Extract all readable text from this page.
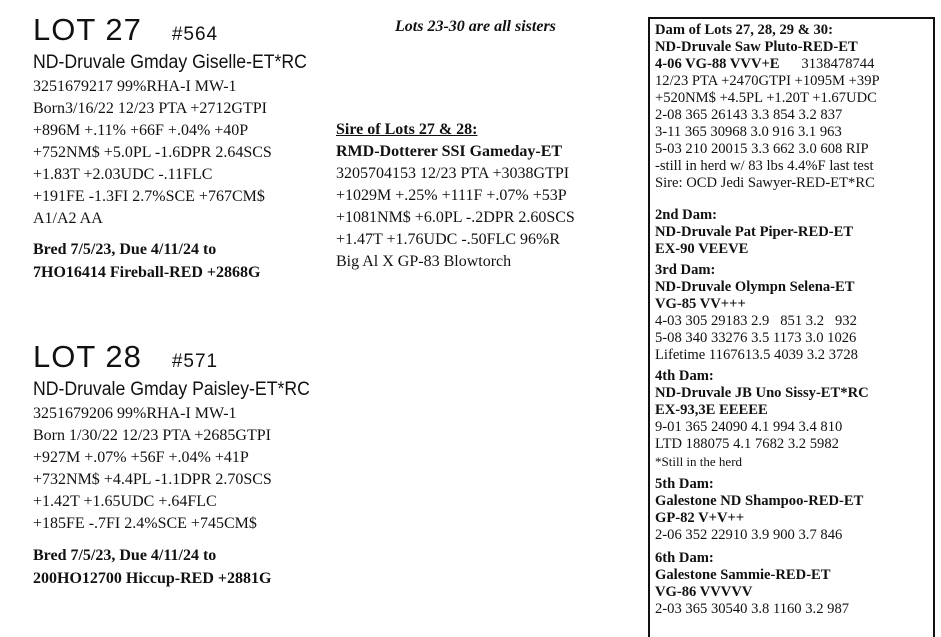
Lots 23-30 are all sisters
LOT 27 #564
ND-Druvale Gmday Giselle-ET*RC
3251679217 99%RHA-I MW-1
Born3/16/22 12/23 PTA +2712GTPI
+896M +.11% +66F +.04% +40P
+752NM$ +5.0PL -1.6DPR 2.64SCS
+1.83T +2.03UDC -.11FLC
+191FE -1.3FI 2.7%SCE +767CM$
A1/A2 AA
Bred 7/5/23, Due 4/11/24 to
7HO16414 Fireball-RED +2868G
LOT 28 #571
ND-Druvale Gmday Paisley-ET*RC
3251679206 99%RHA-I MW-1
Born 1/30/22 12/23 PTA +2685GTPI
+927M +.07% +56F +.04% +41P
+732NM$ +4.4PL -1.1DPR 2.70SCS
+1.42T +1.65UDC +.64FLC
+185FE -.7FI 2.4%SCE +745CM$
Bred 7/5/23, Due 4/11/24 to
200HO12700 Hiccup-RED +2881G
Sire of Lots 27 & 28:
RMD-Dotterer SSI Gameday-ET
3205704153 12/23 PTA +3038GTPI
+1029M +.25% +111F +.07% +53P
+1081NM$ +6.0PL -.2DPR 2.60SCS
+1.47T +1.76UDC -.50FLC 96%R
Big Al X GP-83 Blowtorch
Dam of Lots 27, 28, 29 & 30:
ND-Druvale Saw Pluto-RED-ET
4-06 VG-88 VVV+E      3138478744
12/23 PTA +2470GTPI +1095M +39P
+520NM$ +4.5PL +1.20T +1.67UDC
2-08 365 26143 3.3 854 3.2 837
3-11 365 30968 3.0 916 3.1 963
5-03 210 20015 3.3 662 3.0 608 RIP
-still in herd w/ 83 lbs 4.4%F last test
Sire: OCD Jedi Sawyer-RED-ET*RC
2nd Dam:
ND-Druvale Pat Piper-RED-ET
EX-90 VEEVE
3rd Dam:
ND-Druvale Olympn Selena-ET
VG-85 VV+++
4-03 305 29183 2.9   851 3.2   932
5-08 340 33276 3.5 1173 3.0 1026
Lifetime 1167613.5 4039 3.2 3728
4th Dam:
ND-Druvale JB Uno Sissy-ET*RC
EX-93,3E EEEEE
9-01 365 24090 4.1 994 3.4 810
LTD 188075 4.1 7682 3.2 5982
*Still in the herd
5th Dam:
Galestone ND Shampoo-RED-ET
GP-82 V+V++
2-06 352 22910 3.9 900 3.7 846
6th Dam:
Galestone Sammie-RED-ET
VG-86 VVVVV
2-03 365 30540 3.8 1160 3.2 987
